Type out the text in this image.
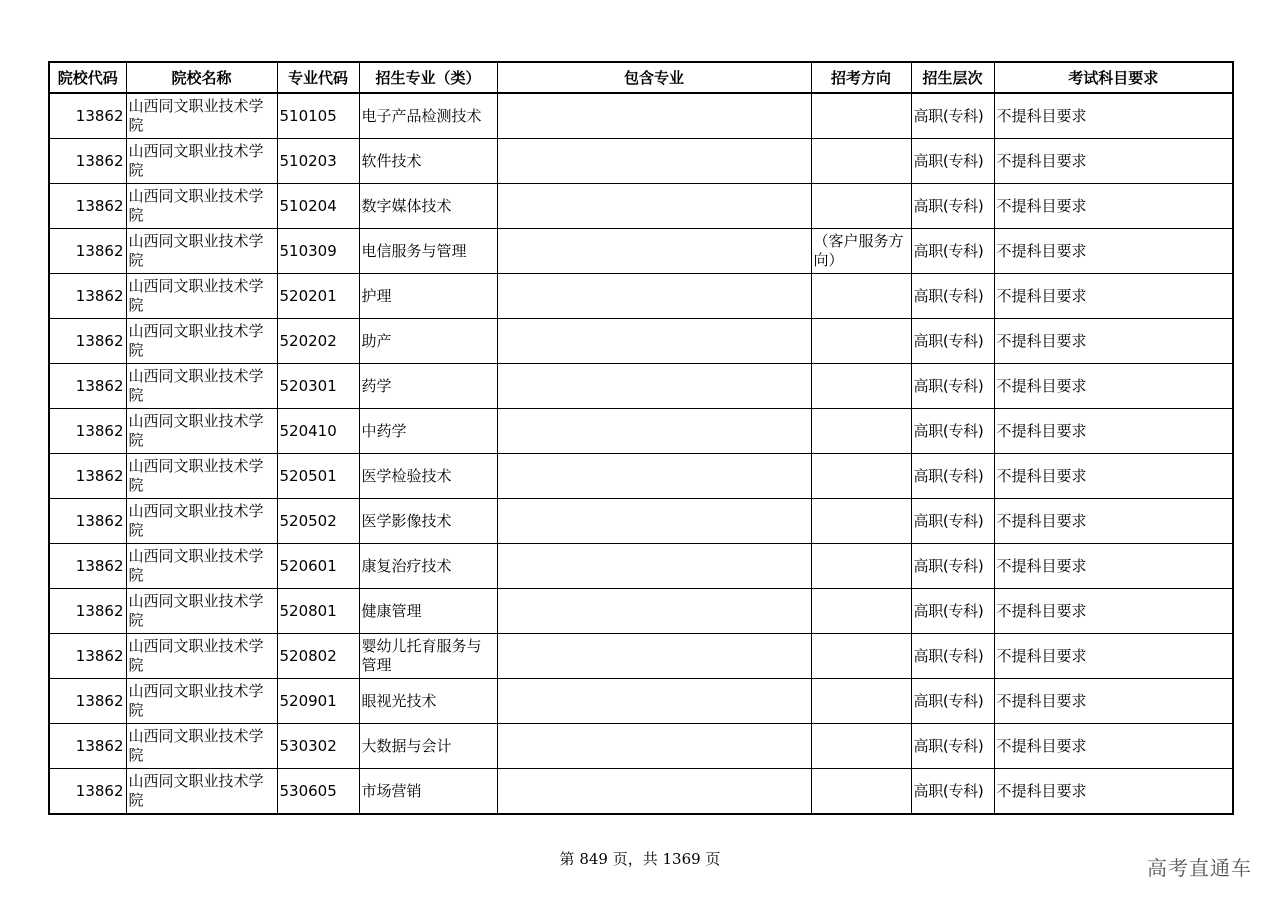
院校代码	院校名称	专业代码	招生专业（类）	包含专业	招考方向	招生层次	考试科目要求
13862	山西同文职业技术学院	510105	电子产品检测技术			高职(专科)	不提科目要求
13862	山西同文职业技术学院	510203	软件技术			高职(专科)	不提科目要求
13862	山西同文职业技术学院	510204	数字媒体技术			高职(专科)	不提科目要求
13862	山西同文职业技术学院	510309	电信服务与管理		（客户服务方向）	高职(专科)	不提科目要求
13862	山西同文职业技术学院	520201	护理			高职(专科)	不提科目要求
13862	山西同文职业技术学院	520202	助产			高职(专科)	不提科目要求
13862	山西同文职业技术学院	520301	药学			高职(专科)	不提科目要求
13862	山西同文职业技术学院	520410	中药学			高职(专科)	不提科目要求
13862	山西同文职业技术学院	520501	医学检验技术			高职(专科)	不提科目要求
13862	山西同文职业技术学院	520502	医学影像技术			高职(专科)	不提科目要求
13862	山西同文职业技术学院	520601	康复治疗技术			高职(专科)	不提科目要求
13862	山西同文职业技术学院	520801	健康管理			高职(专科)	不提科目要求
13862	山西同文职业技术学院	520802	婴幼儿托育服务与管理			高职(专科)	不提科目要求
13862	山西同文职业技术学院	520901	眼视光技术			高职(专科)	不提科目要求
13862	山西同文职业技术学院	530302	大数据与会计			高职(专科)	不提科目要求
13862	山西同文职业技术学院	530605	市场营销			高职(专科)	不提科目要求
第 849 页，共 1369 页	高考直通车
